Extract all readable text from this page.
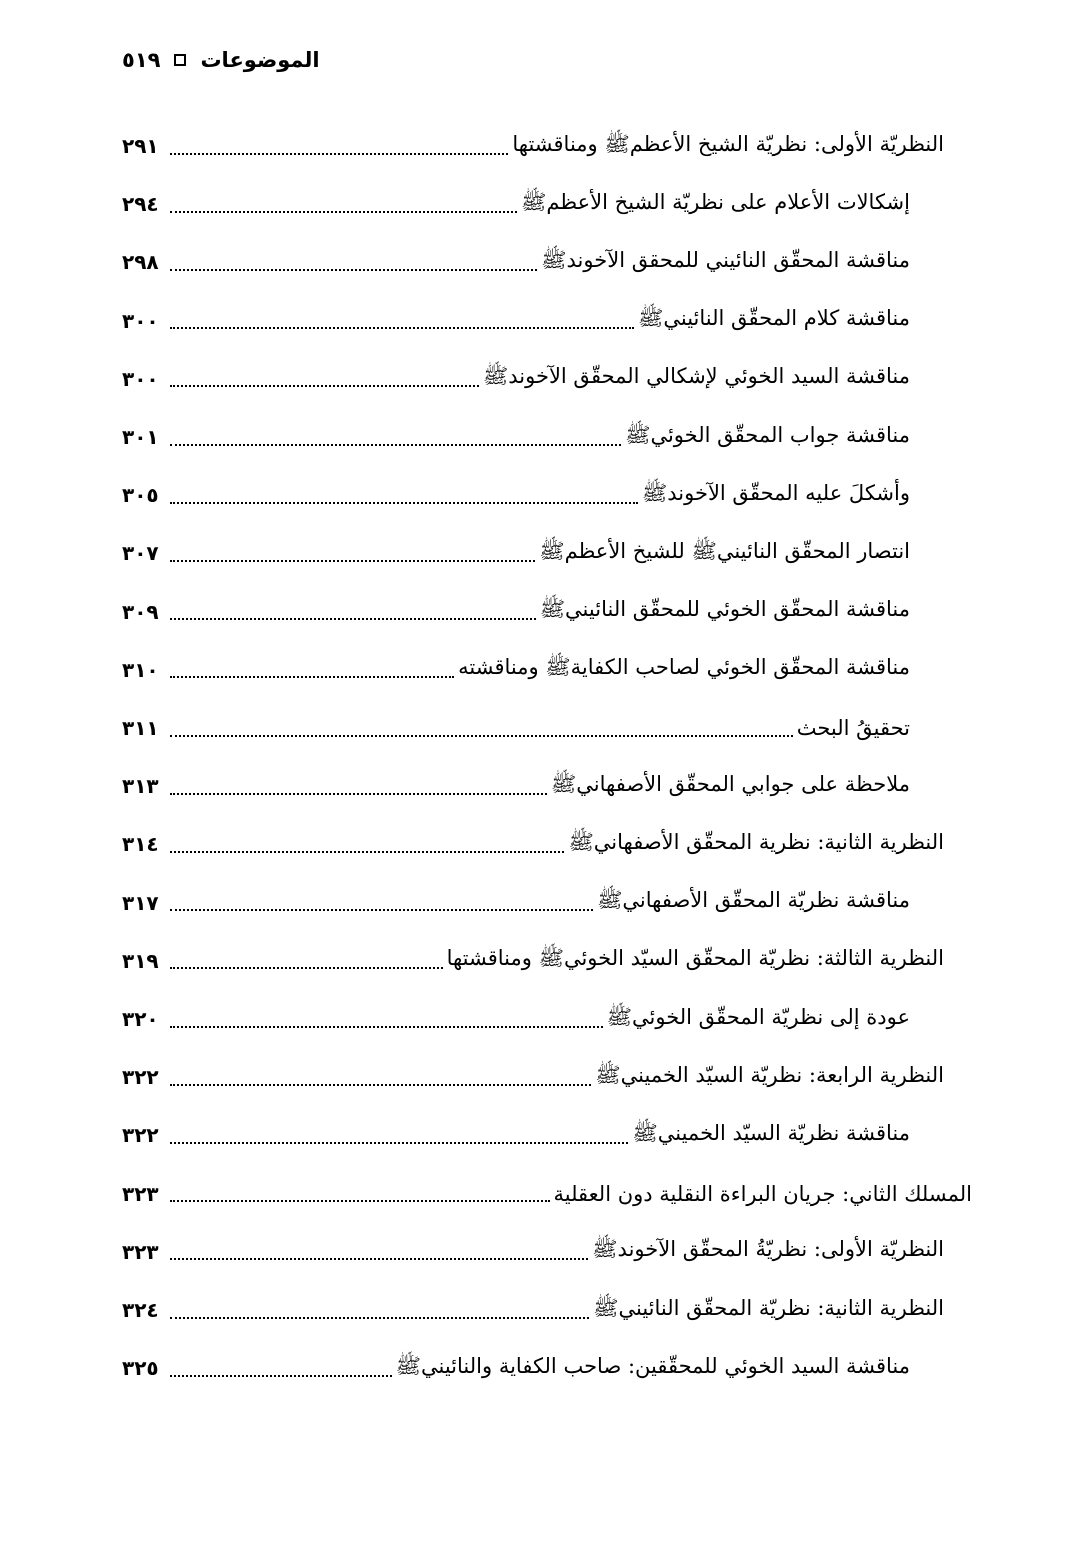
٥١٩ الموضوعات
النظريّة الأولى: نظريّة الشيخ الأعظمﷺ ومناقشتها
٢٩١
إشكالات الأعلام على نظريّة الشيخ الأعظمﷺ
٢٩٤
مناقشة المحقّق النائيني للمحقق الآخوندﷺ
٢٩٨
مناقشة كلام المحقّق النائينيﷺ
٣٠٠
مناقشة السيد الخوئي لإشكالي المحقّق الآخوندﷺ
٣٠٠
مناقشة جواب المحقّق الخوئيﷺ
٣٠١
وأشكلَ عليه المحقّق الآخوندﷺ
٣٠٥
انتصار المحقّق النائينيﷺ للشيخ الأعظمﷺ
٣٠٧
مناقشة المحقّق الخوئي للمحقّق النائينيﷺ
٣٠٩
مناقشة المحقّق الخوئي لصاحب الكفايةﷺ ومناقشته
٣١٠
تحقيقُ البحث
٣١١
ملاحظة على جوابي المحقّق الأصفهانيﷺ
٣١٣
النظرية الثانية: نظرية المحقّق الأصفهانيﷺ
٣١٤
مناقشة نظريّة المحقّق الأصفهانيﷺ
٣١٧
النظرية الثالثة: نظريّة المحقّق السيّد الخوئيﷺ ومناقشتها
٣١٩
عودة إلى نظريّة المحقّق الخوئيﷺ
٣٢٠
النظرية الرابعة: نظريّة السيّد الخمينيﷺ
٣٢٢
مناقشة نظريّة السيّد الخمينيﷺ
٣٢٢
المسلك الثاني: جريان البراءة النقلية دون العقلية
٣٢٣
النظريّة الأولى: نظريّةُ المحقّق الآخوندﷺ
٣٢٣
النظرية الثانية: نظريّة المحقّق النائينيﷺ
٣٢٤
مناقشة السيد الخوئي للمحقّقين: صاحب الكفاية والنائينيﷺ
٣٢٥
